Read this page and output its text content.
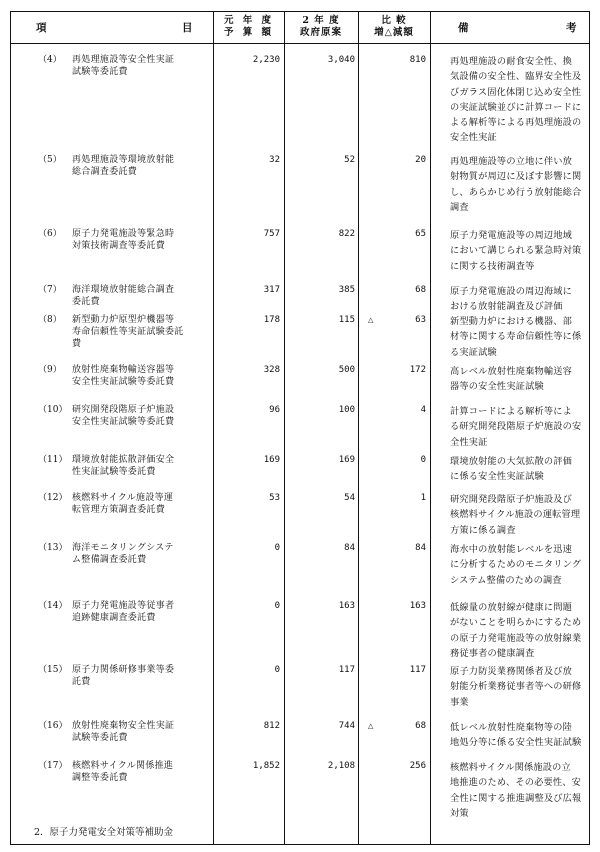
項	目
元 年 度
予 算 額
2 年 度
政府原案
比 較
増△減額	備	考
（4）	再処理施設等安全性実証
試験等委託費
2,230	3,040	810	再処理施設の耐食安全性、換
気設備の安全性、臨界安全性及
びガラス固化体閉じ込め安全性
の実証試験並びに計算コードに
よる解析等による再処理施設の
安全性実証
（5）	再処理施設等環境放射能
総合調査委託費
32	52	20	再処理施設等の立地に伴い放
射物質が周辺に及ぼす影響に関
し、あらかじめ行う放射能総合
調査
（6）	原子力発電施設等緊急時
対策技術調査等委託費
757	822	65	原子力発電施設等の周辺地域
において講じられる緊急時対策
に関する技術調査等
（7）	海洋環境放射能総合調査
委託費
317	385	68	原子力発電施設の周辺海域に
おける放射能調査及び評価
（8）	新型動力炉原型炉機器等
寿命信頼性等実証試験委託
費
178	115 △	63	新型動力炉における機器、部
材等に関する寿命信頼性等に係
る実証試験
（9）	放射性廃棄物輸送容器等
安全性実証試験等委託費
328	500	172	高レベル放射性廃棄物輸送容
器等の安全性実証試験
（10） 研究開発段階原子炉施設
安全性実証試験等委託費
96	100	4	計算コードによる解析等によ
る研究開発段階原子炉施設の安
全性実証
（11） 環境放射能拡散評価安全
性実証試験等委託費
169	169	0	環境放射能の大気拡散の評価
に係る安全性実証試験
（12） 核燃料サイクル施設等運
転管理方策調査委託費
53	54	1	研究開発段階原子炉施設及び
核燃料サイクル施設の運転管理
方策に係る調査
（13） 海洋モニタリングシステ
ム整備調査委託費
0	84	84	海水中の放射能レベルを迅速
に分析するためのモニタリング
システム整備のための調査
（14） 原子力発電施設等従事者
追跡健康調査委託費
0	163	163	低線量の放射線が健康に問題
がないことを明らかにするため
の原子力発電施設等の放射線業
務従事者の健康調査
（15） 原子力関係研修事業等委
託費
0	117	117	原子力防災業務関係者及び放
射能分析業務従事者等への研修
事業
（16） 放射性廃棄物安全性実証
試験等委託費
812	744 △	68	低レベル放射性廃棄物等の陸
地処分等に係る安全性実証試験
（17） 核燃料サイクル関係推進
調整等委託費
1,852	2,108	256	核燃料サイクル関係施設の立
地推進のため、その必要性、安
全性に関する推進調整及び広報
対策
2．原子力発電安全対策等補助金
